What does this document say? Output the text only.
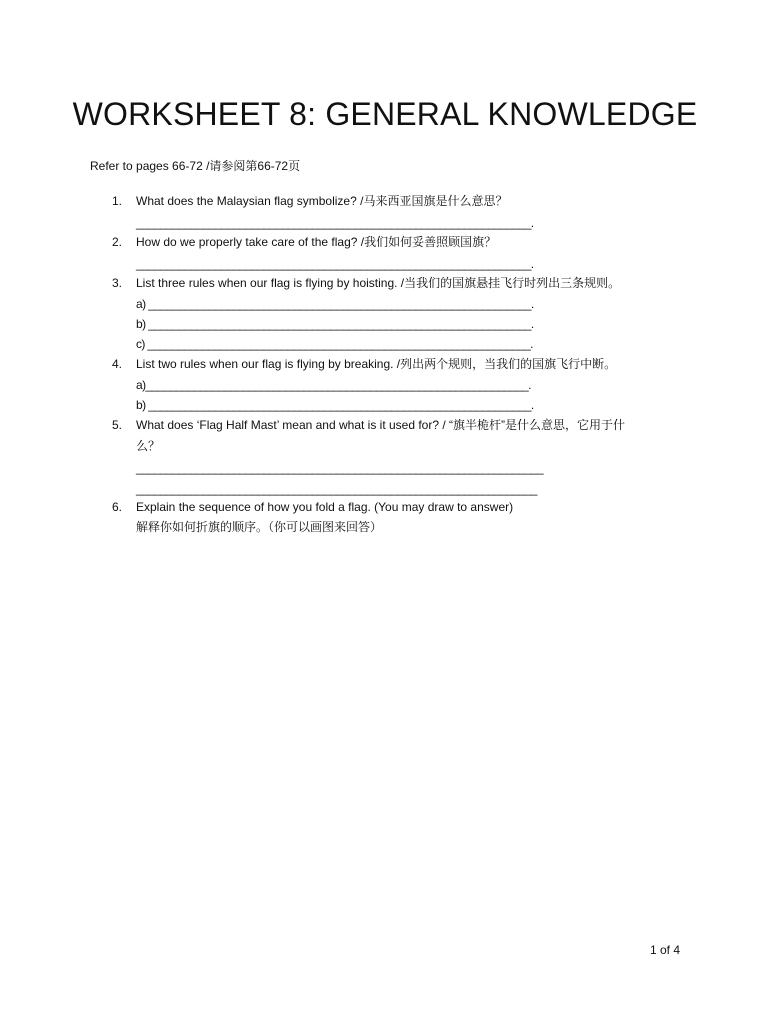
WORKSHEET 8: GENERAL KNOWLEDGE
Refer to pages 66-72 /请参阅第66-72页
1. What does the Malaysian flag symbolize? /马来西亚国旗是什么意思？
_________________________________________________________________.
2. How do we properly take care of the flag? /我们如何妥善照顾国旗？
_________________________________________________________________.
3. List three rules when our flag is flying by hoisting. /当我们的国旗悬挂飞行时列出三条规则。
a) _______________________________________________________________.
b) _______________________________________________________________.
c) _______________________________________________________________.
4. List two rules when our flag is flying by breaking. /列出两个规则，当我们的国旗飞行中断。
a)_______________________________________________________________.
b) _______________________________________________________________.
5. What does ‘Flag Half Mast’ mean and what is it used for? / “旗半桅杆”是什么意思，它用于什
么？
___________________________________________________________________
__________________________________________________________________
6. Explain the sequence of how you fold a flag. (You may draw to answer)
解释你如何折旗的顺序。（你可以画图来回答）
1 of 4
